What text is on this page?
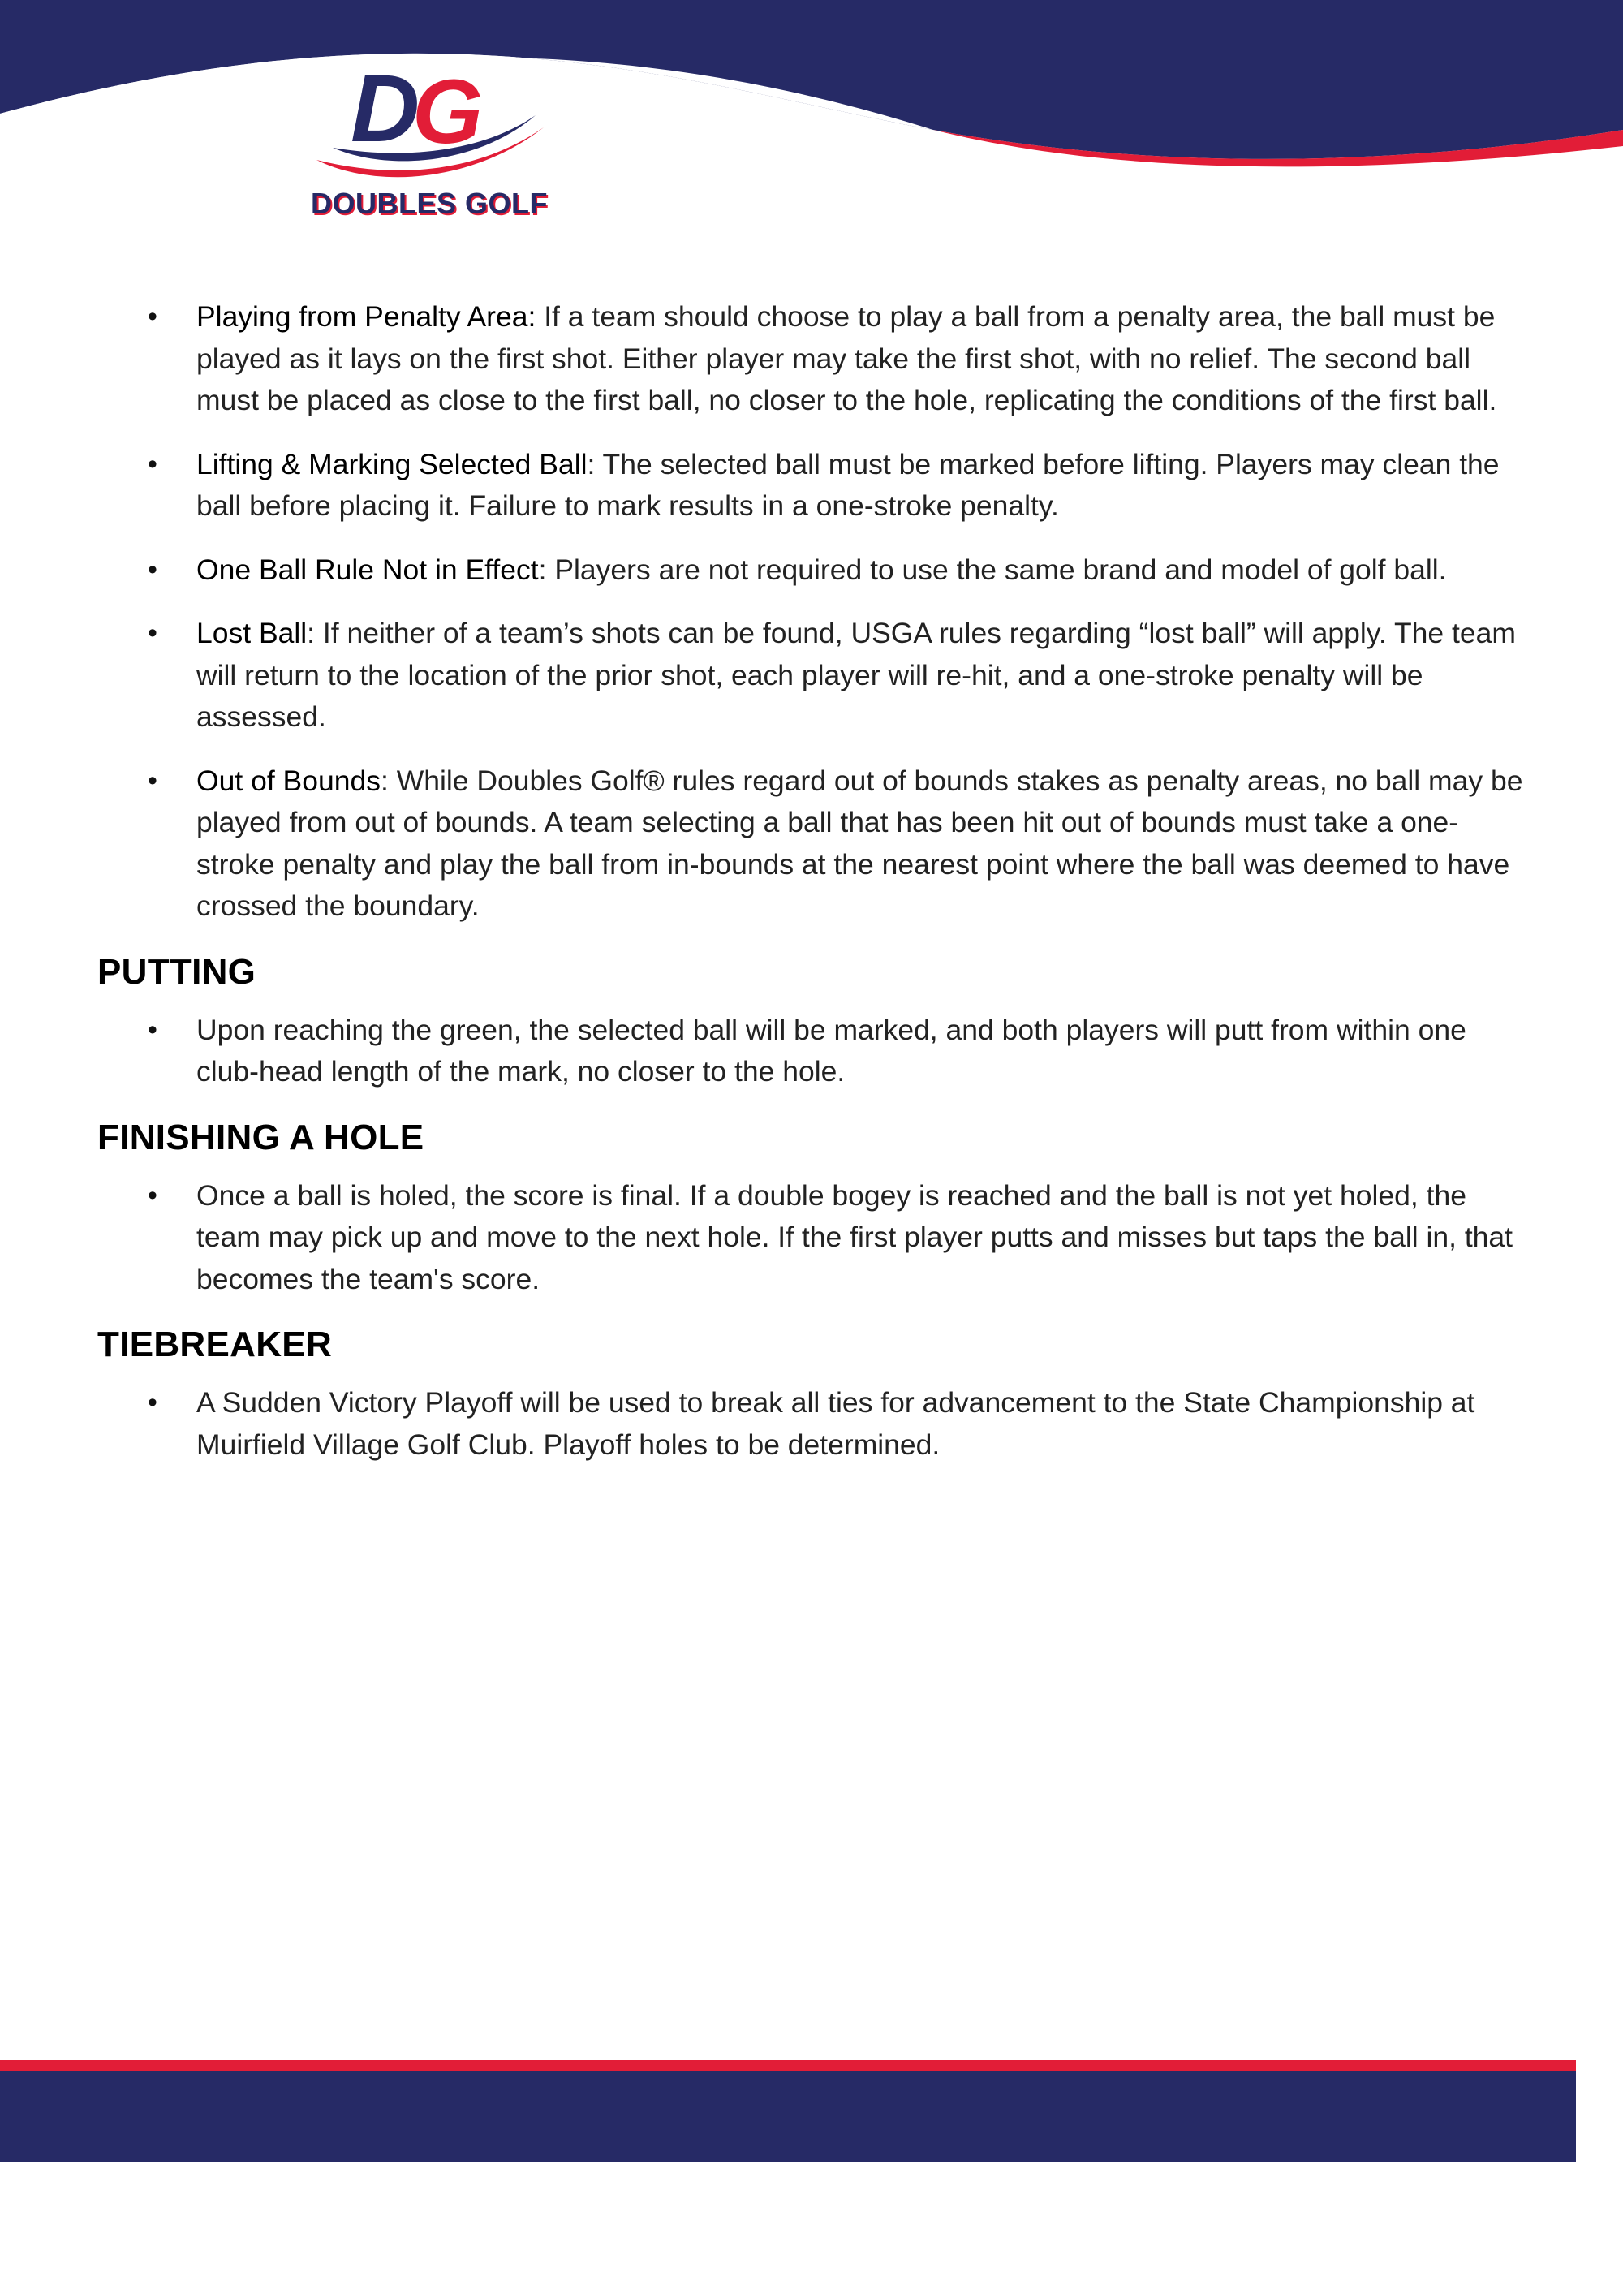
D
G
DOUBLES GOLF
• Playing from Penalty Area: If a team should choose to play a ball from a penalty area, the ball must be played as it lays on the first shot. Either player may take the first shot, with no relief. The second ball must be placed as close to the first ball, no closer to the hole, replicating the conditions of the first ball.
• Lifting & Marking Selected Ball: The selected ball must be marked before lifting. Players may clean the ball before placing it. Failure to mark results in a one-stroke penalty.
• One Ball Rule Not in Effect: Players are not required to use the same brand and model of golf ball.
• Lost Ball: If neither of a team’s shots can be found, USGA rules regarding “lost ball” will apply. The team will return to the location of the prior shot, each player will re-hit, and a one-stroke penalty will be assessed.
• Out of Bounds: While Doubles Golf® rules regard out of bounds stakes as penalty areas, no ball may be played from out of bounds. A team selecting a ball that has been hit out of bounds must take a one-stroke penalty and play the ball from in-bounds at the nearest point where the ball was deemed to have crossed the boundary.
PUTTING
• Upon reaching the green, the selected ball will be marked, and both players will putt from within one club-head length of the mark, no closer to the hole.
FINISHING A HOLE
• Once a ball is holed, the score is final. If a double bogey is reached and the ball is not yet holed, the team may pick up and move to the next hole. If the first player putts and misses but taps the ball in, that becomes the team's score.
TIEBREAKER
• A Sudden Victory Playoff will be used to break all ties for advancement to the State Championship at Muirfield Village Golf Club. Playoff holes to be determined.
